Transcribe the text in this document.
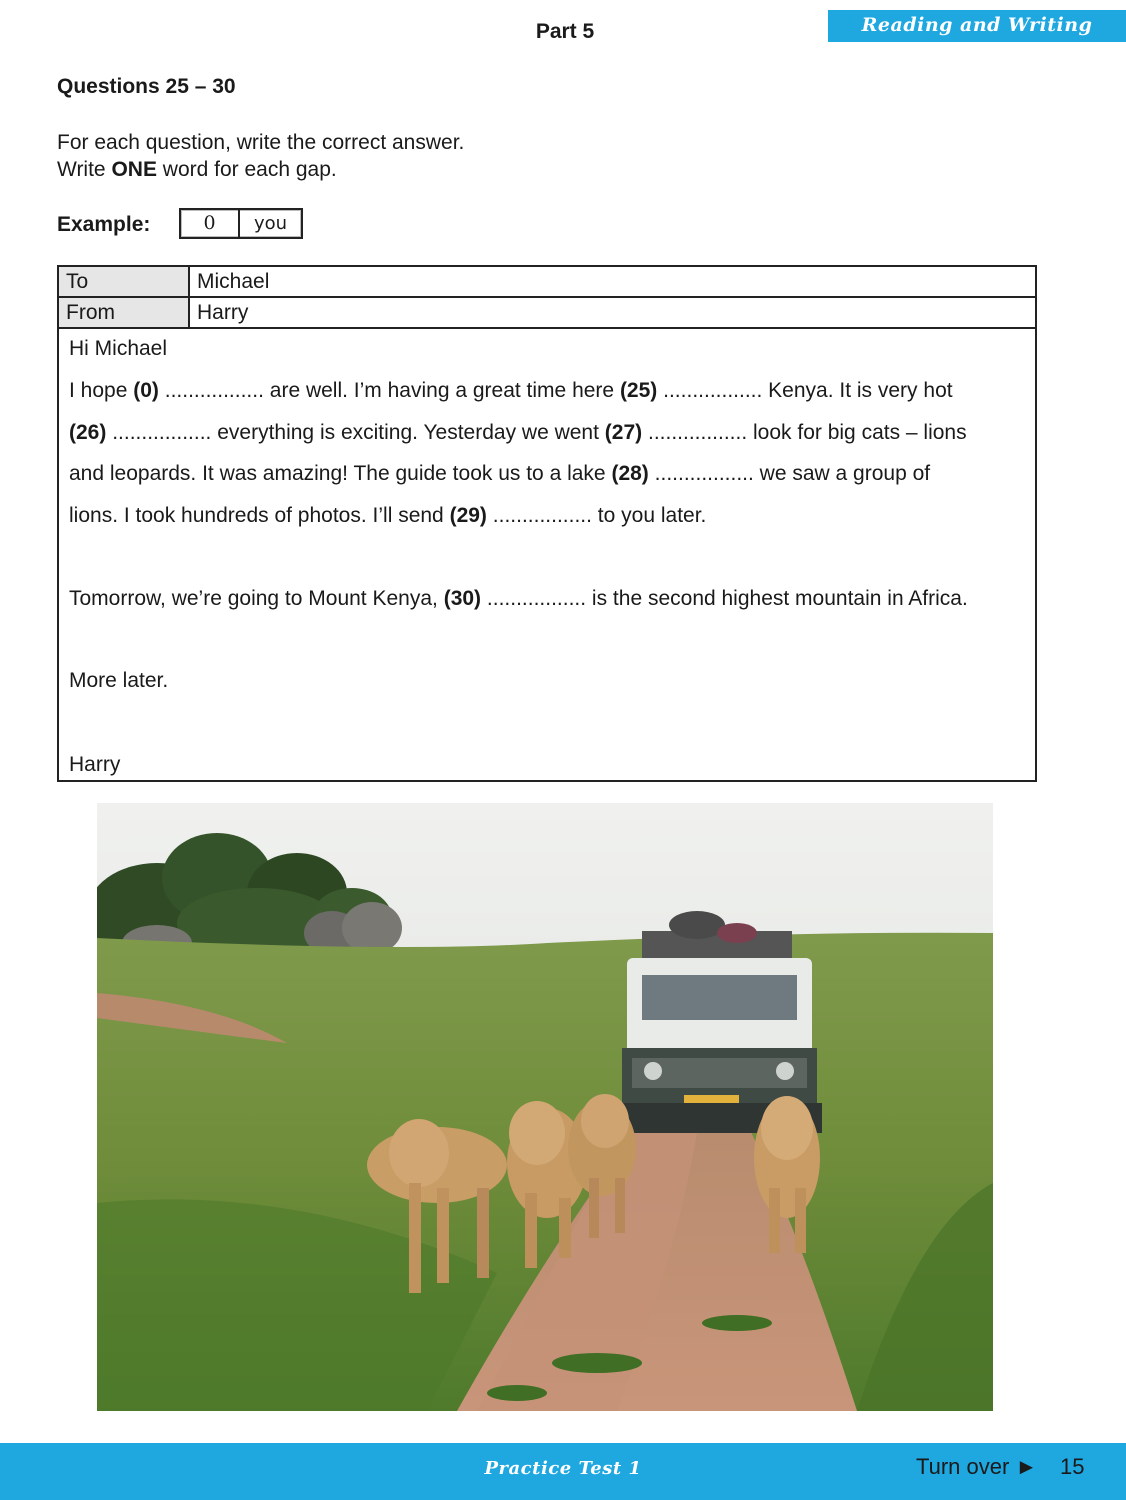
Part 5	Reading and Writing
Questions 25 – 30
For each question, write the correct answer.
Write ONE word for each gap.
Example:	0	you
To	Michael
From	Harry
Hi Michael
I hope (0) ................. are well. I’m having a great time here (25) ................. Kenya. It is very hot
(26) ................. everything is exciting. Yesterday we went (27) ................. look for big cats – lions
and leopards. It was amazing! The guide took us to a lake (28) ................. we saw a group of
lions. I took hundreds of photos. I’ll send (29) ................. to you later.
Tomorrow, we’re going to Mount Kenya, (30) ................. is the second highest mountain in Africa.
More later.
Harry
Practice Test 1	Turn over ► 15
